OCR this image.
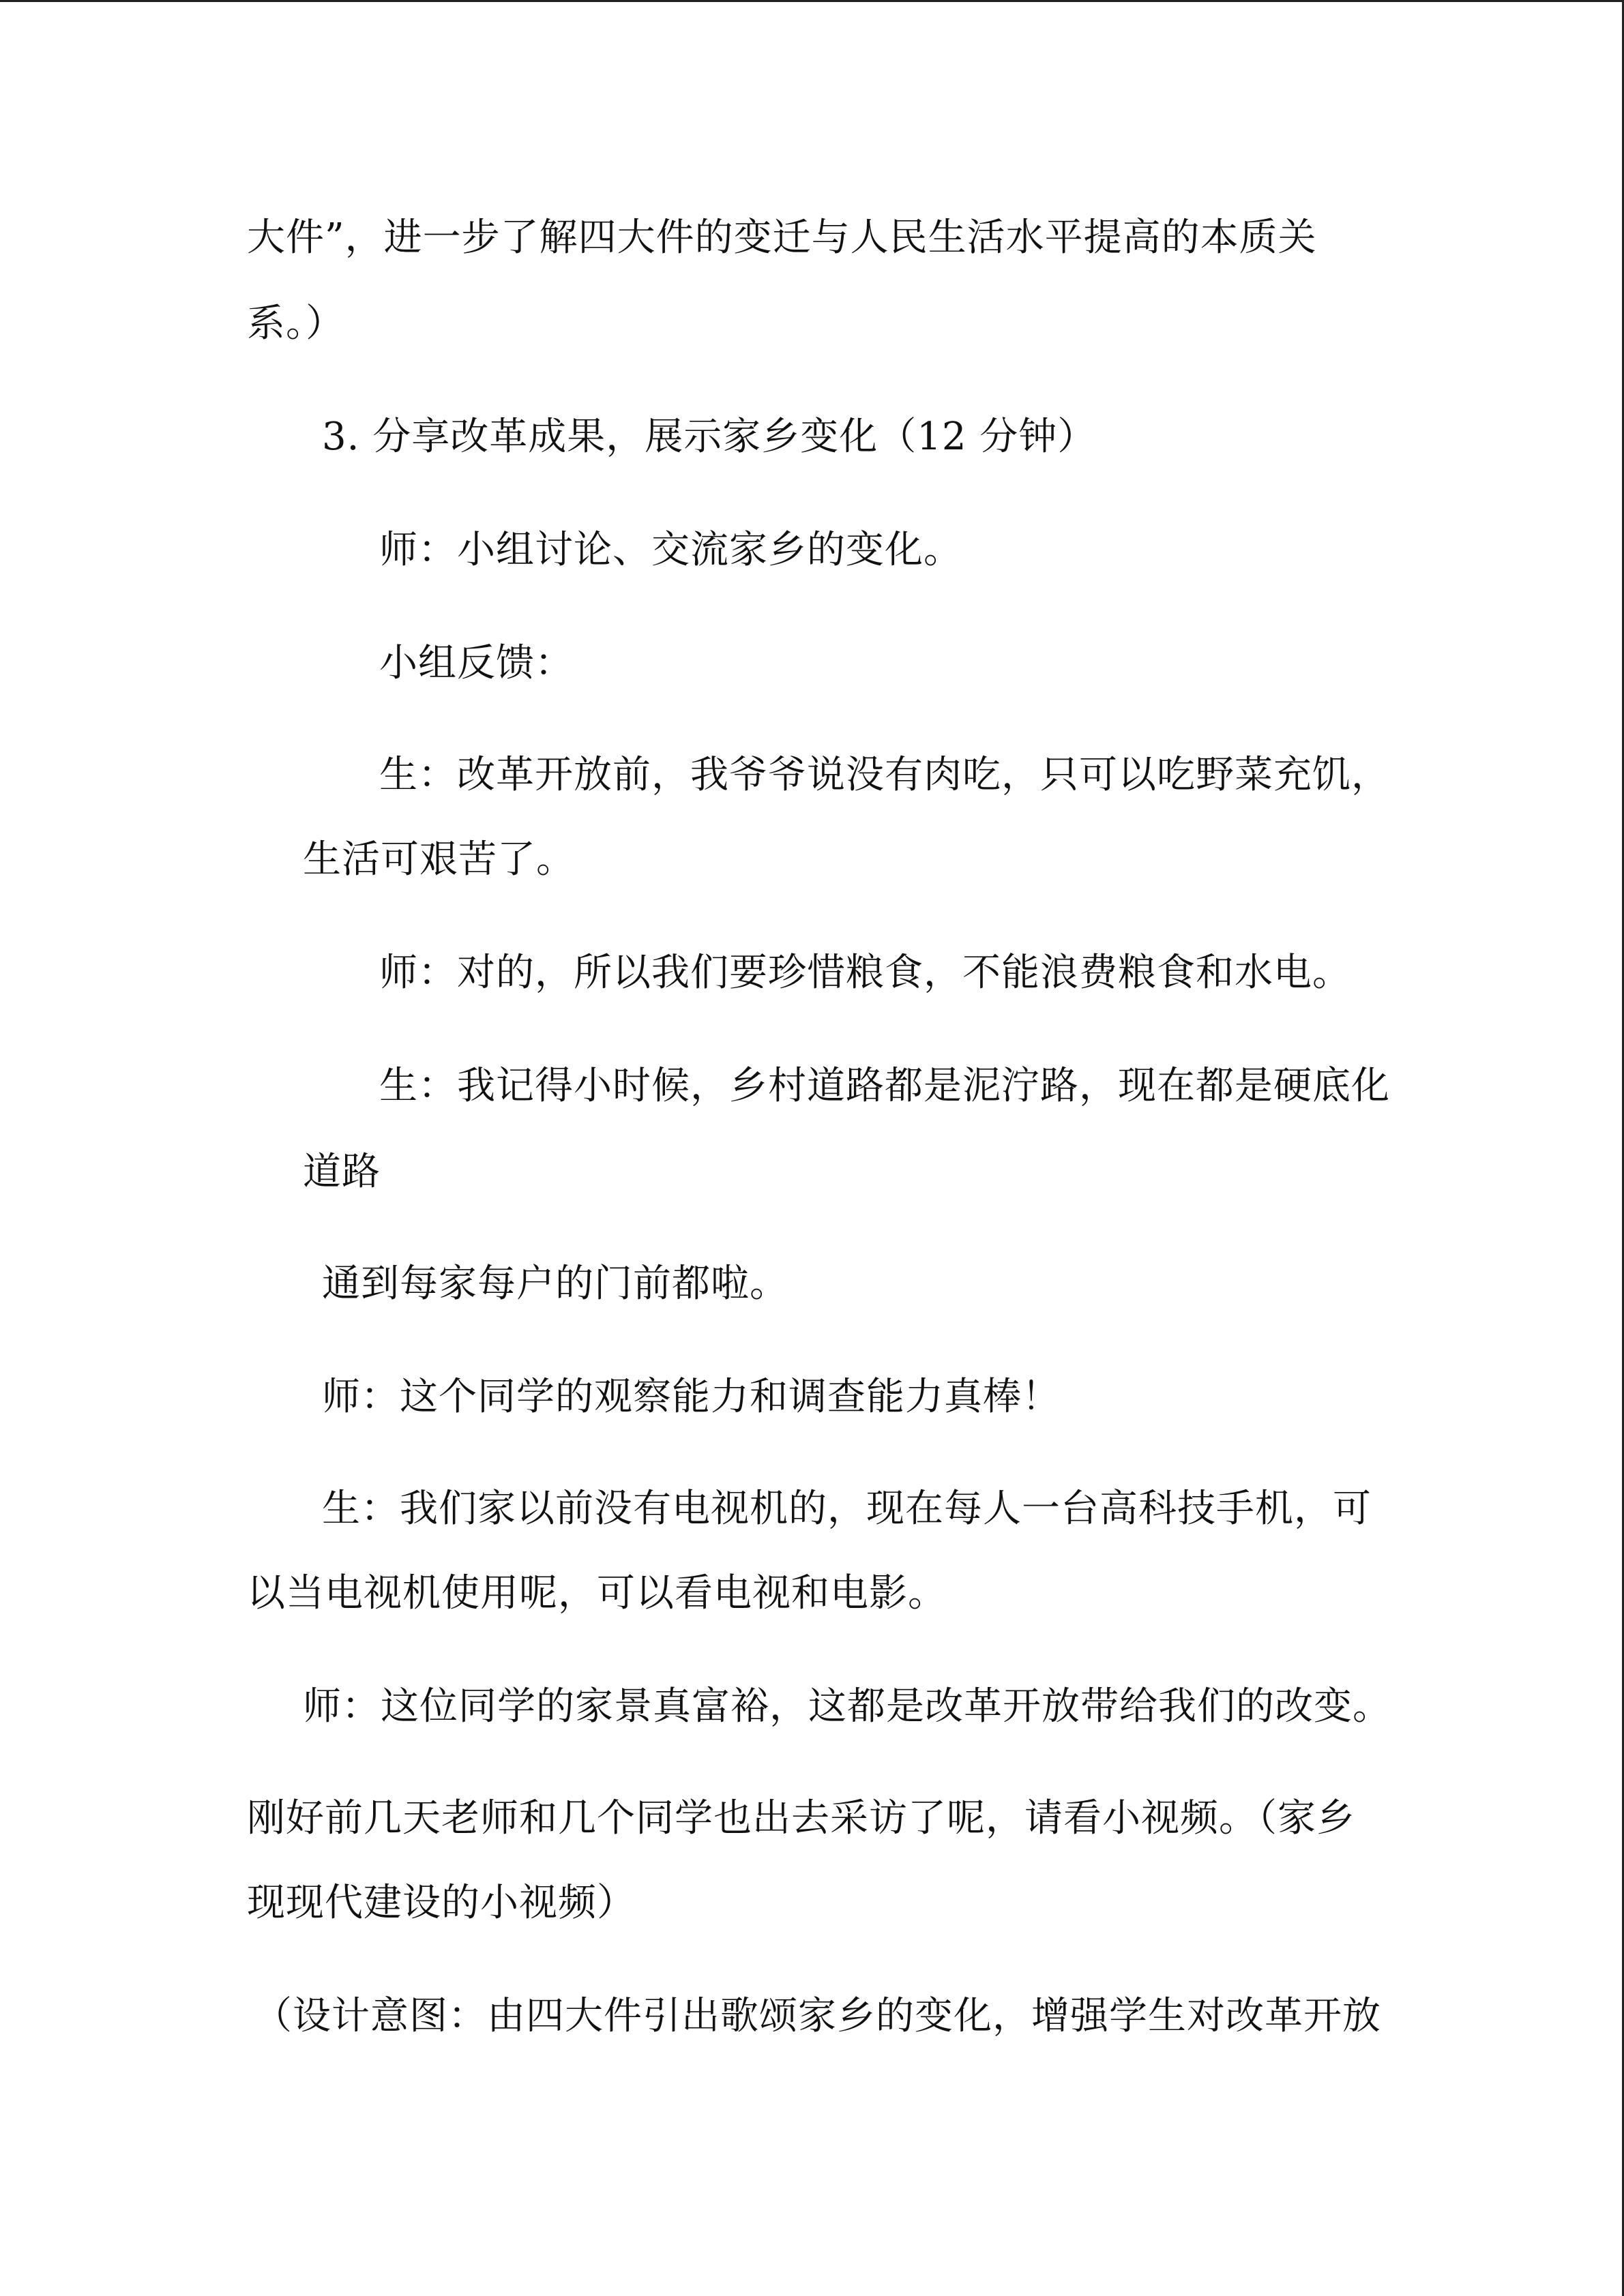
大件”，进一步了解四大件的变迁与人民生活水平提高的本质关
系。）
3. 分享改革成果，展示家乡变化（12 分钟）
师：小组讨论、交流家乡的变化。
小组反馈：
生：改革开放前，我爷爷说没有肉吃，只可以吃野菜充饥，
生活可艰苦了。
师：对的，所以我们要珍惜粮食，不能浪费粮食和水电。
生：我记得小时候，乡村道路都是泥泞路，现在都是硬底化
道路
通到每家每户的门前都啦。
师：这个同学的观察能力和调查能力真棒！
生：我们家以前没有电视机的，现在每人一台高科技手机，可
以当电视机使用呢，可以看电视和电影。
师：这位同学的家景真富裕，这都是改革开放带给我们的改变。
刚好前几天老师和几个同学也出去采访了呢，请看小视频。（家乡
现现代建设的小视频）
（设计意图：由四大件引出歌颂家乡的变化，增强学生对改革开放
